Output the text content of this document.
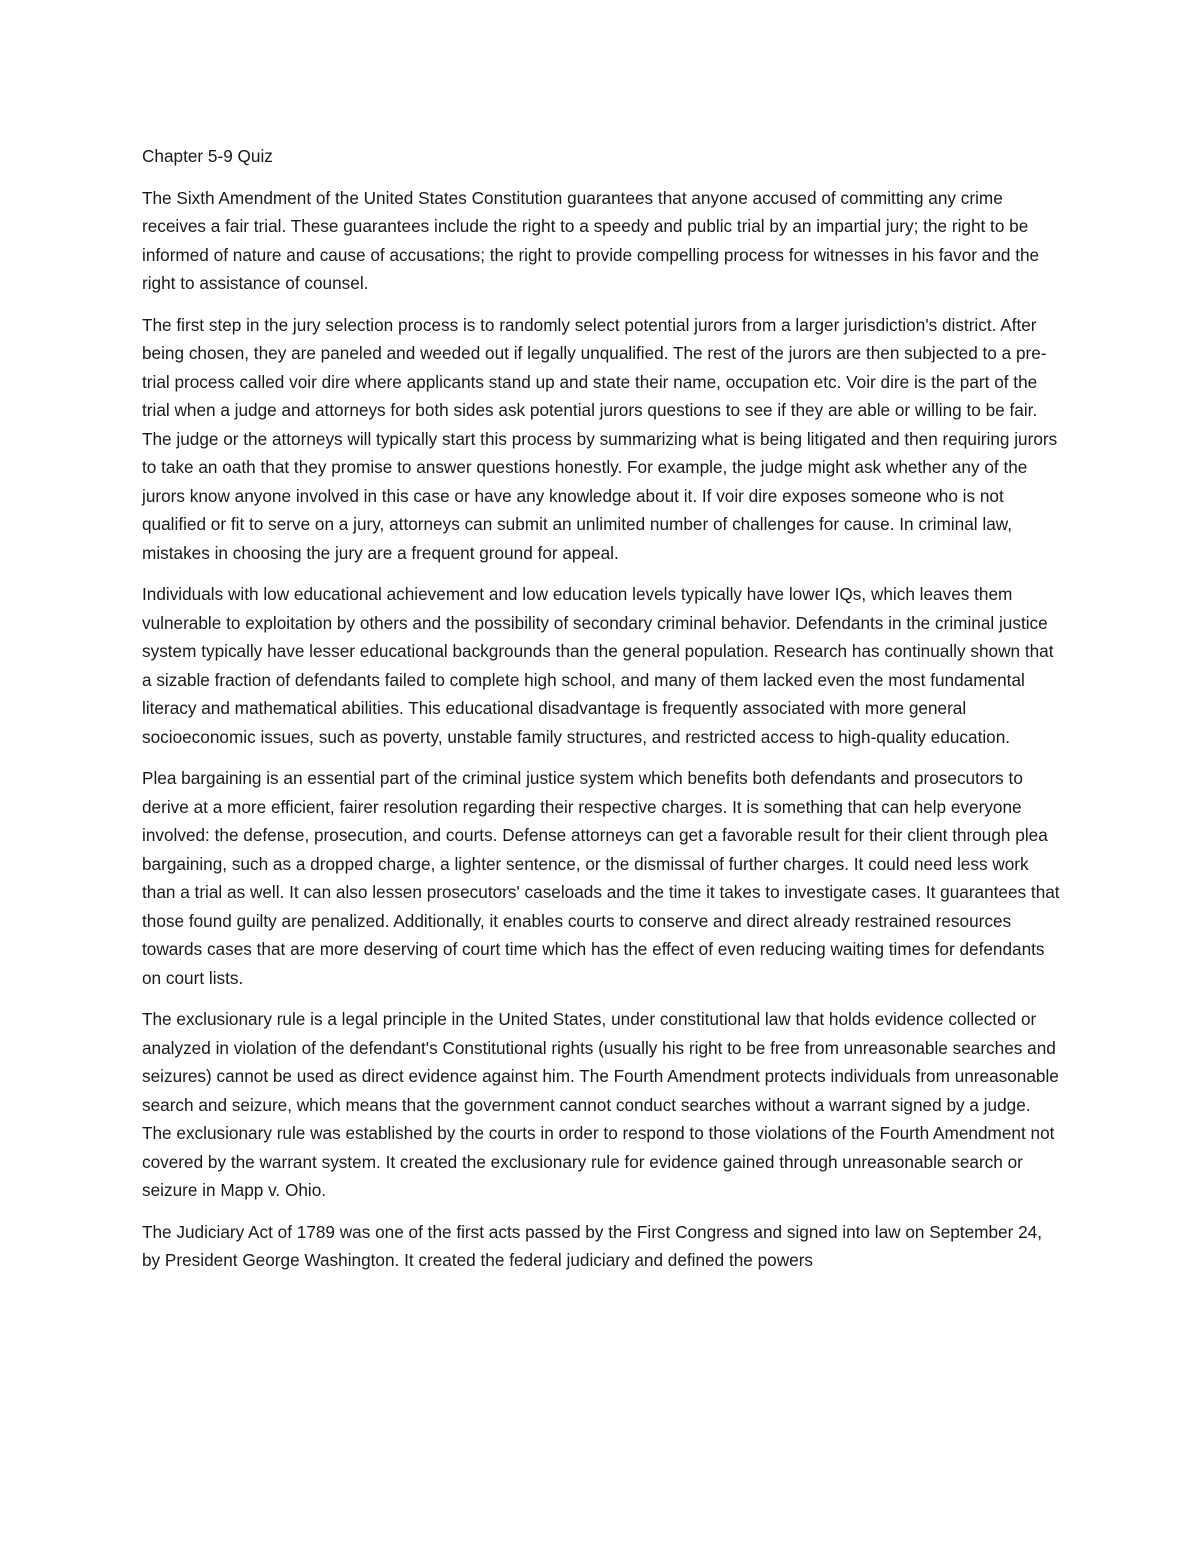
Chapter 5-9 Quiz

The Sixth Amendment of the United States Constitution guarantees that anyone accused of committing any crime receives a fair trial. These guarantees include the right to a speedy and public trial by an impartial jury; the right to be informed of nature and cause of accusations; the right to provide compelling process for witnesses in his favor and the right to assistance of counsel.

The first step in the jury selection process is to randomly select potential jurors from a larger jurisdiction's district. After being chosen, they are paneled and weeded out if legally unqualified. The rest of the jurors are then subjected to a pre-trial process called voir dire where applicants stand up and state their name, occupation etc. Voir dire is the part of the trial when a judge and attorneys for both sides ask potential jurors questions to see if they are able or willing to be fair. The judge or the attorneys will typically start this process by summarizing what is being litigated and then requiring jurors to take an oath that they promise to answer questions honestly. For example, the judge might ask whether any of the jurors know anyone involved in this case or have any knowledge about it. If voir dire exposes someone who is not qualified or fit to serve on a jury, attorneys can submit an unlimited number of challenges for cause. In criminal law, mistakes in choosing the jury are a frequent ground for appeal.

Individuals with low educational achievement and low education levels typically have lower IQs, which leaves them vulnerable to exploitation by others and the possibility of secondary criminal behavior. Defendants in the criminal justice system typically have lesser educational backgrounds than the general population. Research has continually shown that a sizable fraction of defendants failed to complete high school, and many of them lacked even the most fundamental literacy and mathematical abilities. This educational disadvantage is frequently associated with more general socioeconomic issues, such as poverty, unstable family structures, and restricted access to high-quality education.

Plea bargaining is an essential part of the criminal justice system which benefits both defendants and prosecutors to derive at a more efficient, fairer resolution regarding their respective charges. It is something that can help everyone involved: the defense, prosecution, and courts. Defense attorneys can get a favorable result for their client through plea bargaining, such as a dropped charge, a lighter sentence, or the dismissal of further charges. It could need less work than a trial as well. It can also lessen prosecutors' caseloads and the time it takes to investigate cases. It guarantees that those found guilty are penalized. Additionally, it enables courts to conserve and direct already restrained resources towards cases that are more deserving of court time which has the effect of even reducing waiting times for defendants on court lists.

The exclusionary rule is a legal principle in the United States, under constitutional law that holds evidence collected or analyzed in violation of the defendant's Constitutional rights (usually his right to be free from unreasonable searches and seizures) cannot be used as direct evidence against him. The Fourth Amendment protects individuals from unreasonable search and seizure, which means that the government cannot conduct searches without a warrant signed by a judge. The exclusionary rule was established by the courts in order to respond to those violations of the Fourth Amendment not covered by the warrant system. It created the exclusionary rule for evidence gained through unreasonable search or seizure in Mapp v. Ohio.

The Judiciary Act of 1789 was one of the first acts passed by the First Congress and signed into law on September 24, by President George Washington. It created the federal judiciary and defined the powers
